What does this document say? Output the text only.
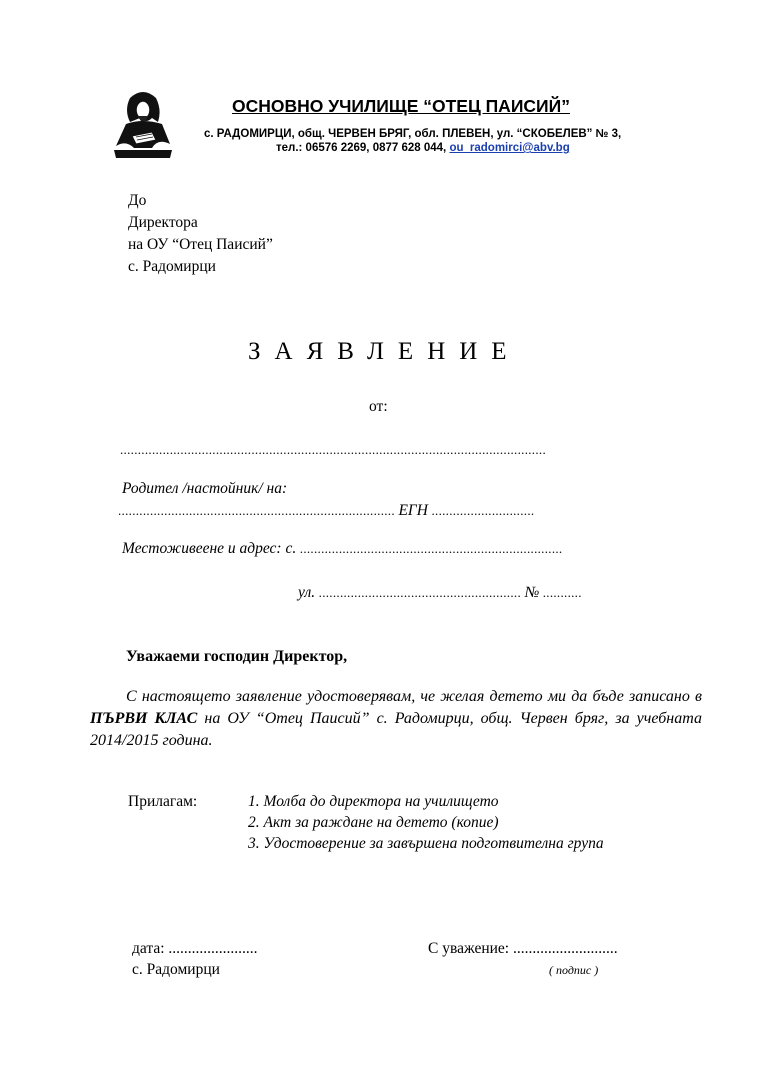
ОСНОВНО УЧИЛИЩЕ “ОТЕЦ ПАИСИЙ”
с. РАДОМИРЦИ, общ. ЧЕРВЕН БРЯГ, обл. ПЛЕВЕН, ул. “СКОБЕЛЕВ” № 3,
тел.: 06576 2269, 0877 628 044, ou_radomirci@abv.bg
До
Директора
на ОУ “Отец Паисий”
с. Радомирци
ЗАЯВЛЕНИЕ
от:
........................................................................................................................
Родител /настойник/ на:
.............................................................................. ЕГН .............................
Местоживеене и адрес: с. ..........................................................................
ул. ......................................................... № ...........
Уважаеми господин Директор,
С настоящето заявление удостоверявам, че желая детето ми да бъде записано в ПЪРВИ КЛАС на ОУ “Отец Паисий” с. Радомирци, общ. Червен бряг, за учебната 2014/2015 година.
Прилагам:	1. Молба до директора на училището
2. Акт за раждане на детето (копие)
3. Удостоверение за завършена подготвителна група
дата: .......................
с. Радомирци
С уважение: ...........................
( подпис )
